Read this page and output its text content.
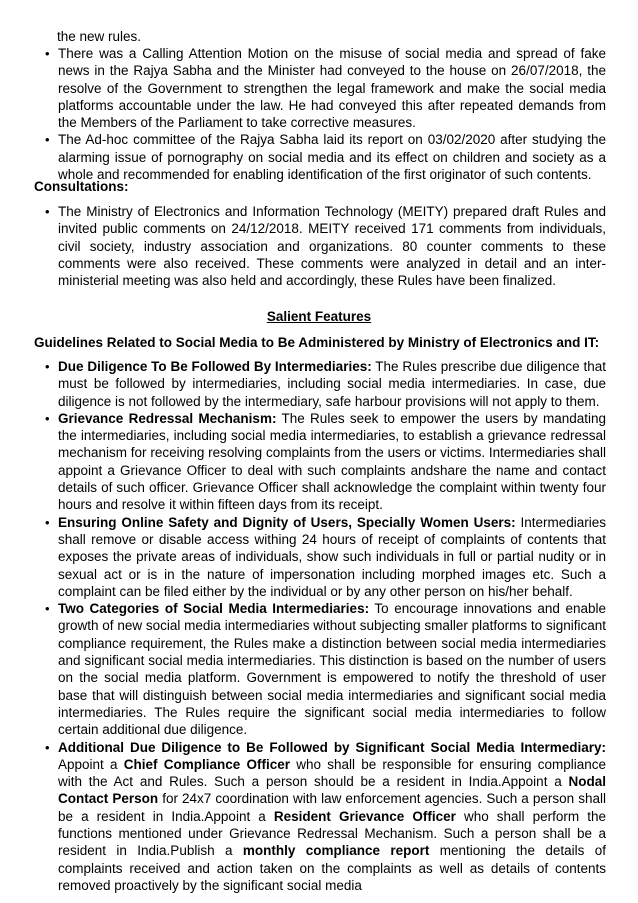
the new rules.
• There was a Calling Attention Motion on the misuse of social media and spread of fake news in the Rajya Sabha and the Minister had conveyed to the house on 26/07/2018, the resolve of the Government to strengthen the legal framework and make the social media platforms accountable under the law. He had conveyed this after repeated demands from the Members of the Parliament to take corrective measures.
• The Ad-hoc committee of the Rajya Sabha laid its report on 03/02/2020 after studying the alarming issue of pornography on social media and its effect on children and society as a whole and recommended for enabling identification of the first originator of such contents.
Consultations:
• The Ministry of Electronics and Information Technology (MEITY) prepared draft Rules and invited public comments on 24/12/2018. MEITY received 171 comments from individuals, civil society, industry association and organizations. 80 counter comments to these comments were also received. These comments were analyzed in detail and an inter-ministerial meeting was also held and accordingly, these Rules have been finalized.
Salient Features
Guidelines Related to Social Media to Be Administered by Ministry of Electronics and IT:
• Due Diligence To Be Followed By Intermediaries: The Rules prescribe due diligence that must be followed by intermediaries, including social media intermediaries. In case, due diligence is not followed by the intermediary, safe harbour provisions will not apply to them.
• Grievance Redressal Mechanism: The Rules seek to empower the users by mandating the intermediaries, including social media intermediaries, to establish a grievance redressal mechanism for receiving resolving complaints from the users or victims. Intermediaries shall appoint a Grievance Officer to deal with such complaints andshare the name and contact details of such officer. Grievance Officer shall acknowledge the complaint within twenty four hours and resolve it within fifteen days from its receipt.
• Ensuring Online Safety and Dignity of Users, Specially Women Users: Intermediaries shall remove or disable access withing 24 hours of receipt of complaints of contents that exposes the private areas of individuals, show such individuals in full or partial nudity or in sexual act or is in the nature of impersonation including morphed images etc. Such a complaint can be filed either by the individual or by any other person on his/her behalf.
• Two Categories of Social Media Intermediaries: To encourage innovations and enable growth of new social media intermediaries without subjecting smaller platforms to significant compliance requirement, the Rules make a distinction between social media intermediaries and significant social media intermediaries. This distinction is based on the number of users on the social media platform. Government is empowered to notify the threshold of user base that will distinguish between social media intermediaries and significant social media intermediaries. The Rules require the significant social media intermediaries to follow certain additional due diligence.
• Additional Due Diligence to Be Followed by Significant Social Media Intermediary: Appoint a Chief Compliance Officer who shall be responsible for ensuring compliance with the Act and Rules. Such a person should be a resident in India.Appoint a Nodal Contact Person for 24x7 coordination with law enforcement agencies. Such a person shall be a resident in India.Appoint a Resident Grievance Officer who shall perform the functions mentioned under Grievance Redressal Mechanism. Such a person shall be a resident in India.Publish a monthly compliance report mentioning the details of complaints received and action taken on the complaints as well as details of contents removed proactively by the significant social media
